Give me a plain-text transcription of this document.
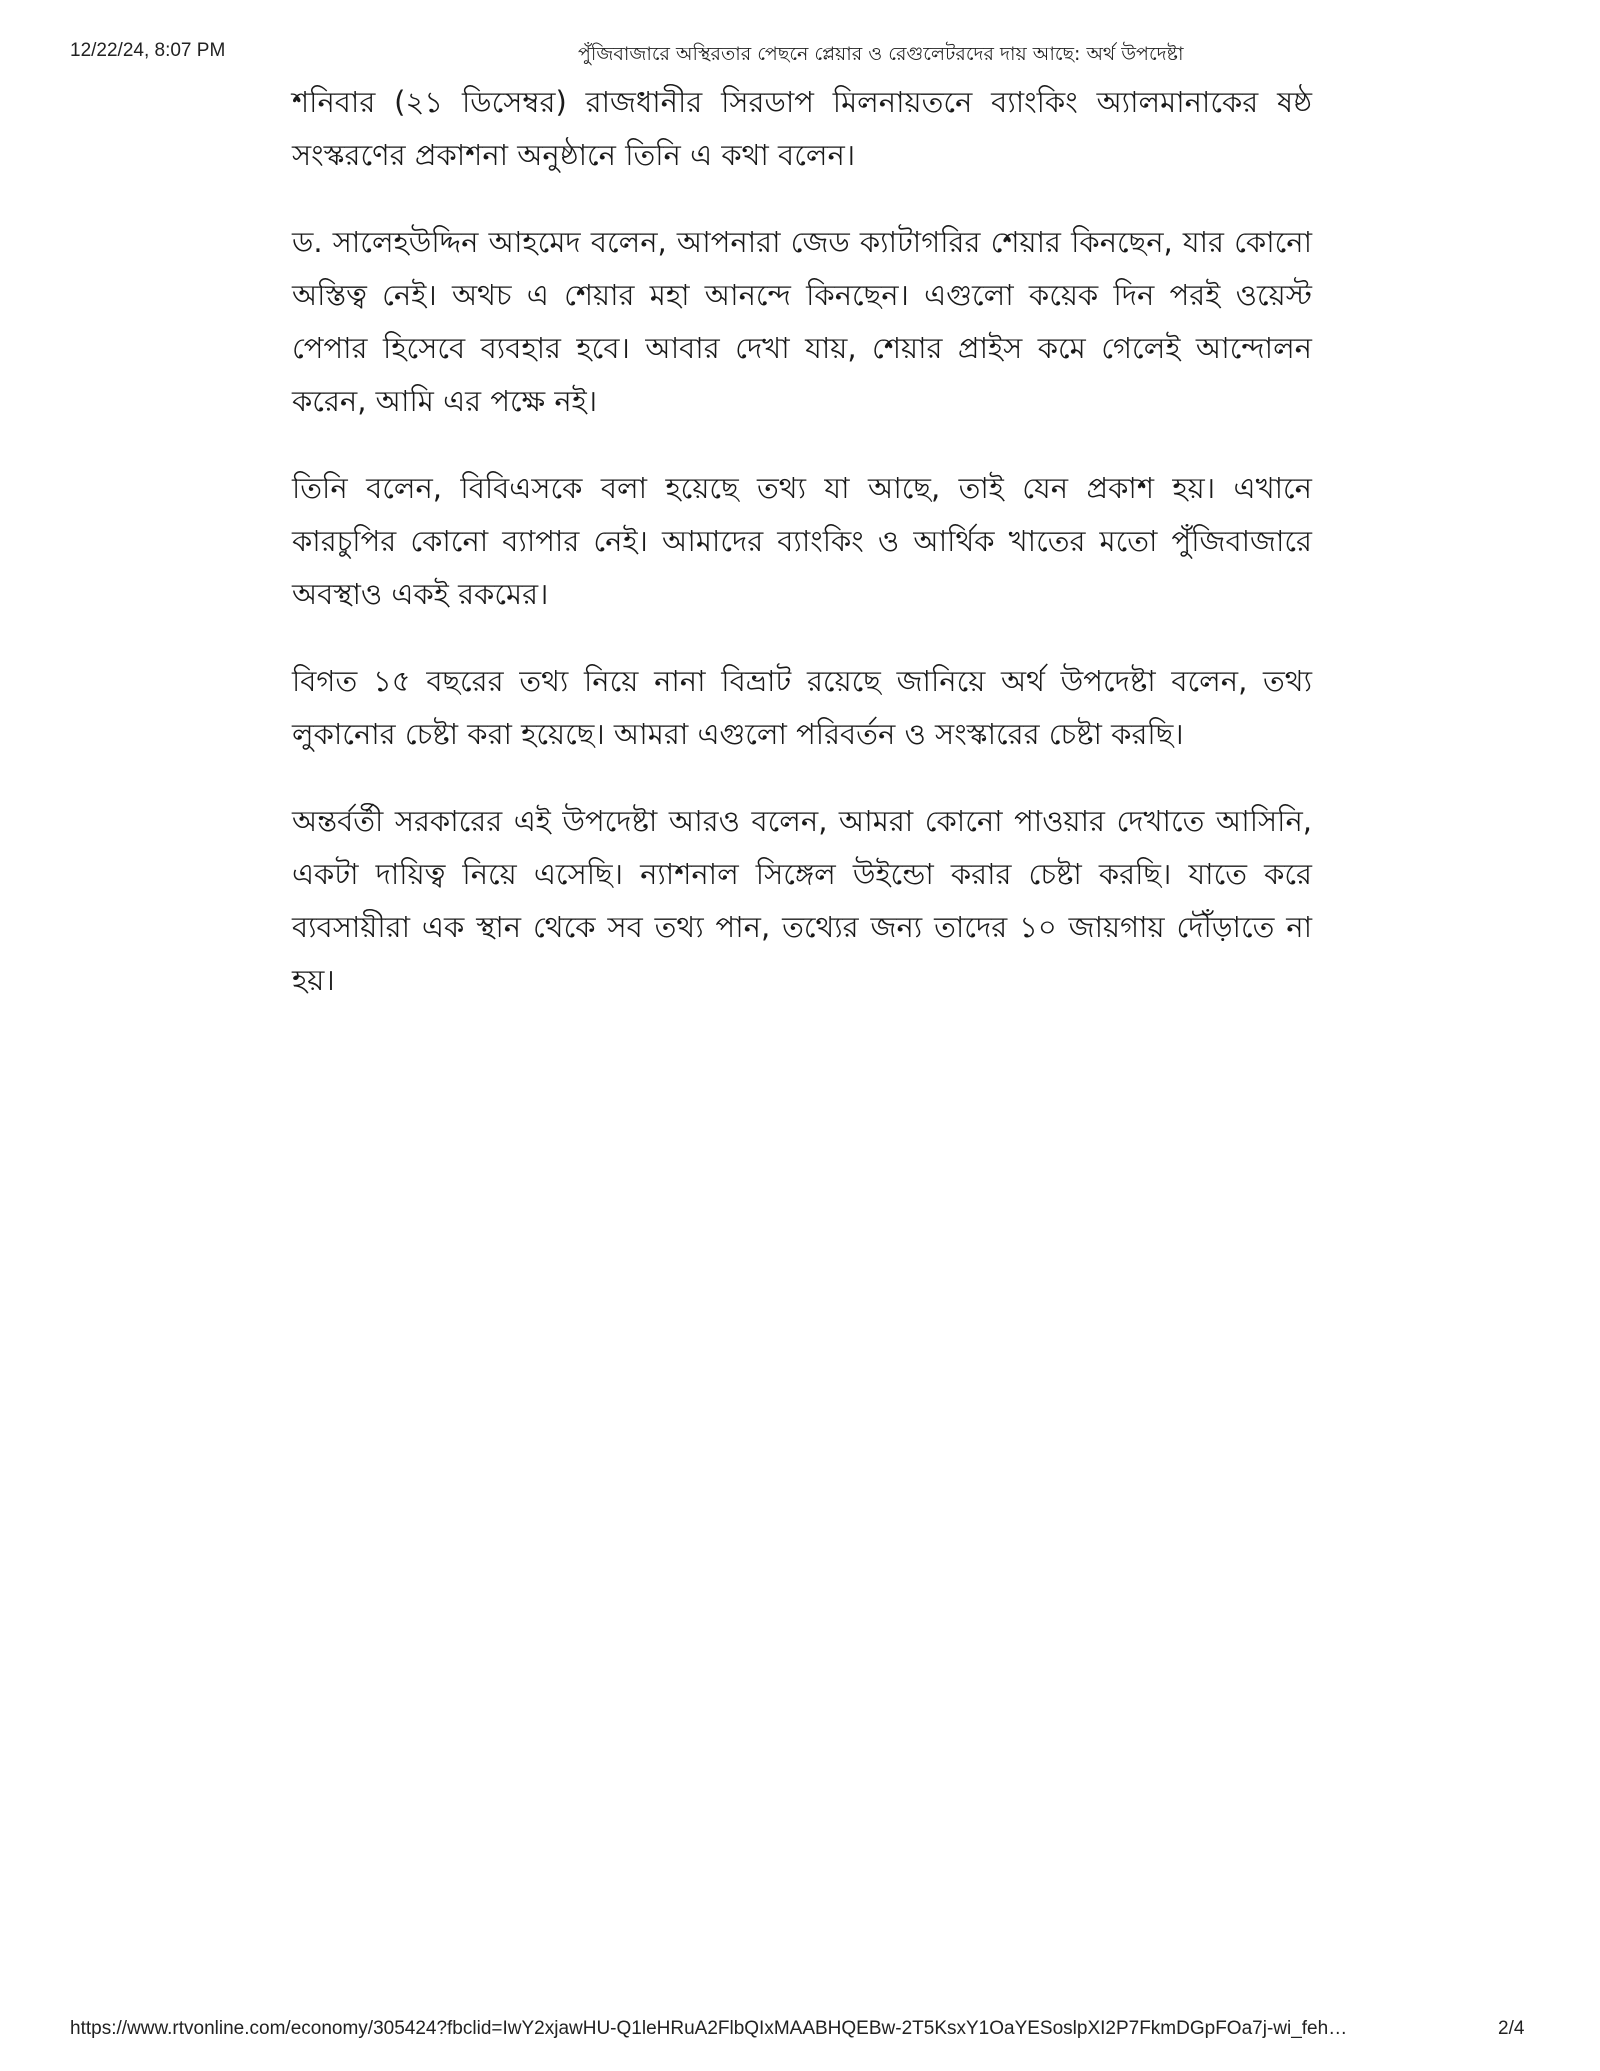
12/22/24, 8:07 PM	পুঁজিবাজারে অস্থিরতার পেছনে প্লেয়ার ও রেগুলেটরদের দায় আছে: অর্থ উপদেষ্টা

শনিবার (২১ ডিসেম্বর) রাজধানীর সিরডাপ মিলনায়তনে ব্যাংকিং অ্যালমানাকের ষষ্ঠ সংস্করণের প্রকাশনা অনুষ্ঠানে তিনি এ কথা বলেন।

ড. সালেহউদ্দিন আহমেদ বলেন, আপনারা জেড ক্যাটাগরির শেয়ার কিনছেন, যার কোনো অস্তিত্ব নেই। অথচ এ শেয়ার মহা আনন্দে কিনছেন। এগুলো কয়েক দিন পরই ওয়েস্ট পেপার হিসেবে ব্যবহার হবে। আবার দেখা যায়, শেয়ার প্রাইস কমে গেলেই আন্দোলন করেন, আমি এর পক্ষে নই।

তিনি বলেন, বিবিএসকে বলা হয়েছে তথ্য যা আছে, তাই যেন প্রকাশ হয়। এখানে কারচুপির কোনো ব্যাপার নেই। আমাদের ব্যাংকিং ও আর্থিক খাতের মতো পুঁজিবাজারে অবস্থাও একই রকমের।

বিগত ১৫ বছরের তথ্য নিয়ে নানা বিভ্রাট রয়েছে জানিয়ে অর্থ উপদেষ্টা বলেন, তথ্য লুকানোর চেষ্টা করা হয়েছে। আমরা এগুলো পরিবর্তন ও সংস্কারের চেষ্টা করছি।

অন্তর্বর্তী সরকারের এই উপদেষ্টা আরও বলেন, আমরা কোনো পাওয়ার দেখাতে আসিনি, একটা দায়িত্ব নিয়ে এসেছি। ন্যাশনাল সিঙ্গেল উইন্ডো করার চেষ্টা করছি। যাতে করে ব্যবসায়ীরা এক স্থান থেকে সব তথ্য পান, তথ্যের জন্য তাদের ১০ জায়গায় দৌঁড়াতে না হয়।

https://www.rtvonline.com/economy/305424?fbclid=IwY2xjawHU-Q1leHRuA2FlbQIxMAABHQEBw-2T5KsxY1OaYESoslpXI2P7FkmDGpFOa7j-wi_feh…	2/4
